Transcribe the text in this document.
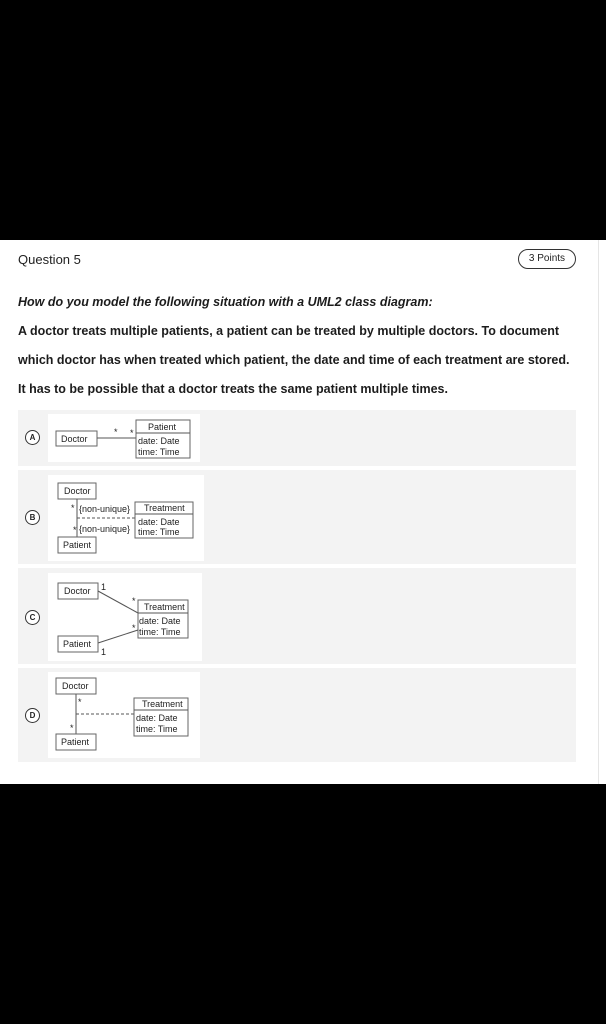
Question 5	3 Points
How do you model the following situation with a UML2 class diagram:
A doctor treats multiple patients, a patient can be treated by multiple doctors. To document
which doctor has when treated which patient, the date and time of each treatment are stored.
It has to be possible that a doctor treats the same patient multiple times.
A	Doctor
* *
Patient
date: Date
time: Time
B
Doctor
* {non-unique}
* {non-unique}
Patient
Treatment
date: Date
time: Time
C
Doctor 1
*
Treatment
date: Date
time: Time
*
Patient
1
D
Doctor
*
*
Patient
Treatment
date: Date
time: Time
